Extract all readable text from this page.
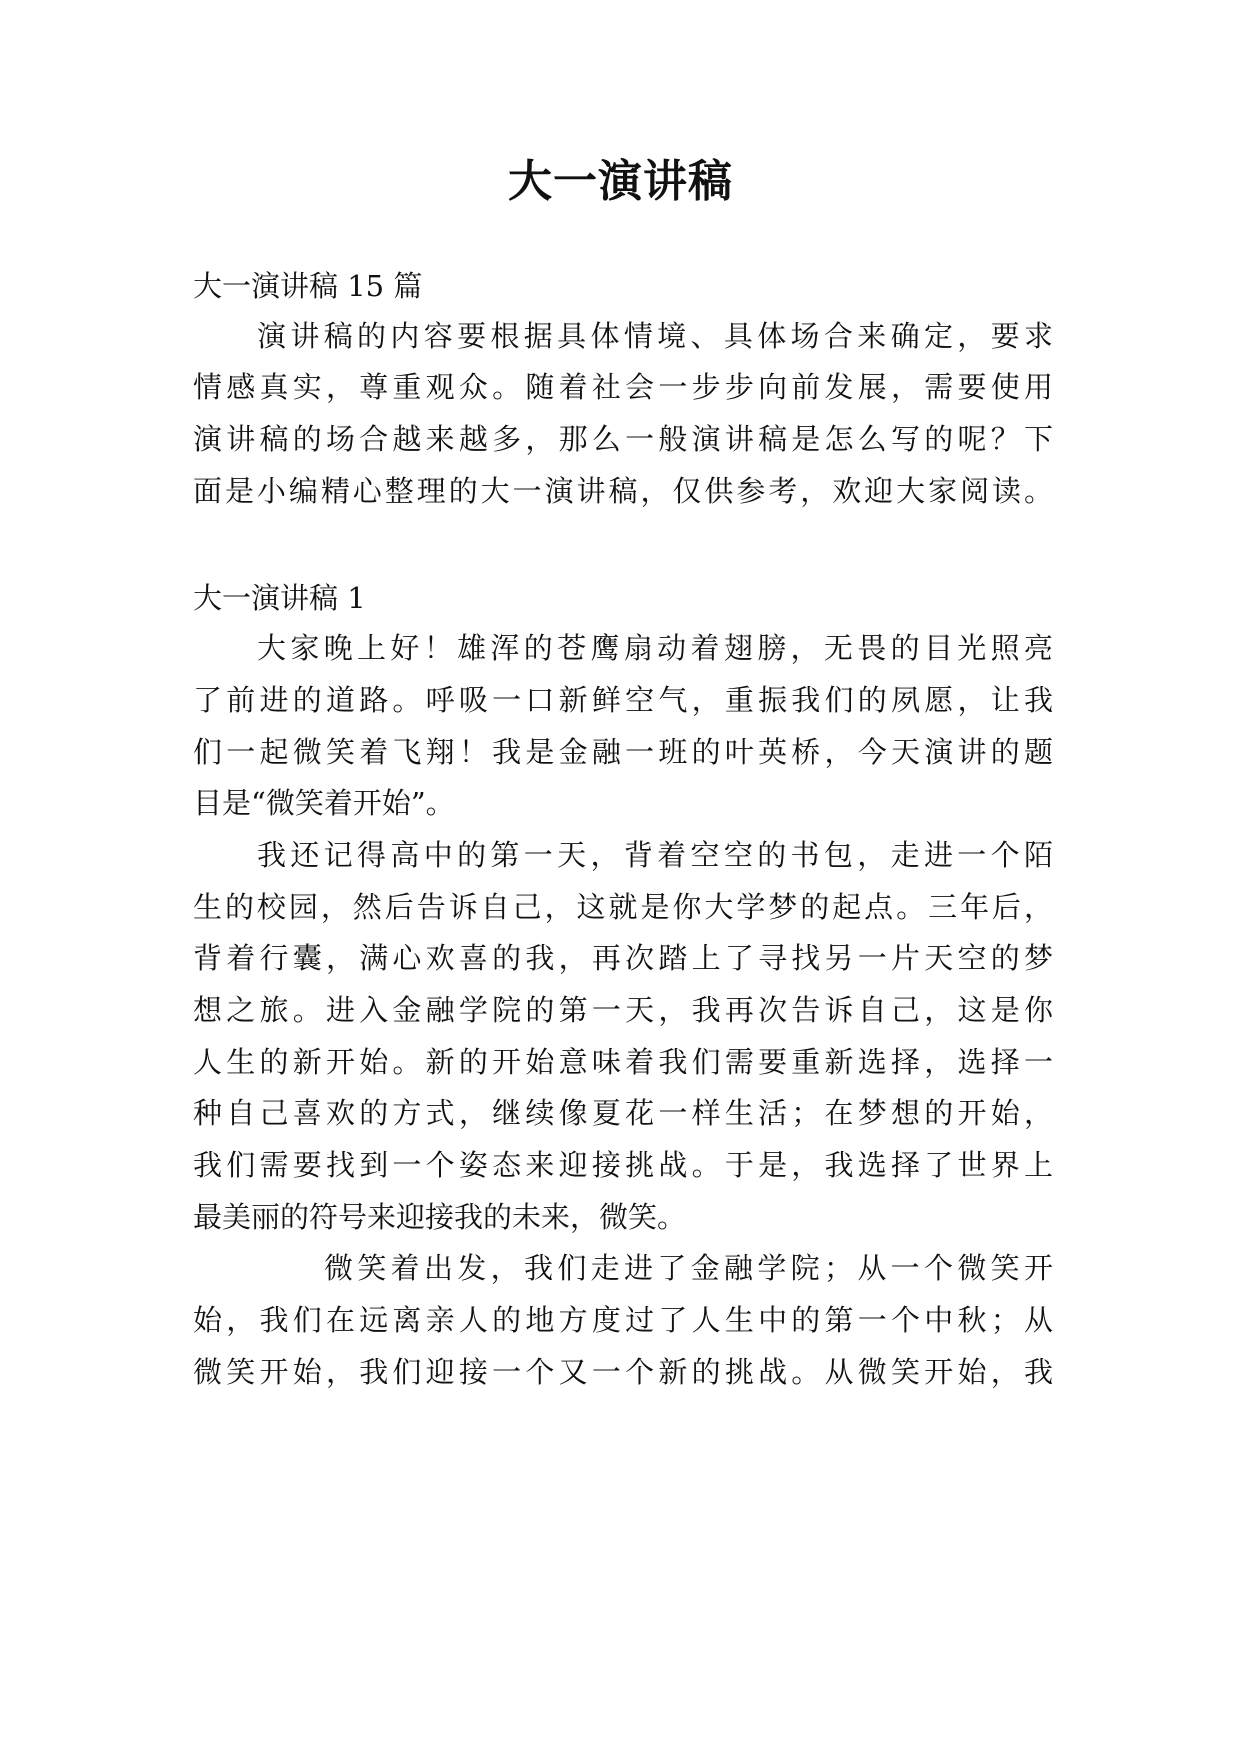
大一演讲稿
大一演讲稿 15 篇
演讲稿的内容要根据具体情境、具体场合来确定，要求
情感真实，尊重观众。随着社会一步步向前发展，需要使用
演讲稿的场合越来越多，那么一般演讲稿是怎么写的呢？下
面是小编精心整理的大一演讲稿，仅供参考，欢迎大家阅读。
大一演讲稿 1
大家晚上好！雄浑的苍鹰扇动着翅膀，无畏的目光照亮
了前进的道路。呼吸一口新鲜空气，重振我们的夙愿，让我
们一起微笑着飞翔！我是金融一班的叶英桥，今天演讲的题
目是“微笑着开始”。
我还记得高中的第一天，背着空空的书包，走进一个陌
生的校园，然后告诉自己，这就是你大学梦的起点。三年后，
背着行囊，满心欢喜的我，再次踏上了寻找另一片天空的梦
想之旅。进入金融学院的第一天，我再次告诉自己，这是你
人生的新开始。新的开始意味着我们需要重新选择，选择一
种自己喜欢的方式，继续像夏花一样生活；在梦想的开始，
我们需要找到一个姿态来迎接挑战。于是，我选择了世界上
最美丽的符号来迎接我的未来，微笑。
微笑着出发，我们走进了金融学院；从一个微笑开
始，我们在远离亲人的地方度过了人生中的第一个中秋；从
微笑开始，我们迎接一个又一个新的挑战。从微笑开始，我
